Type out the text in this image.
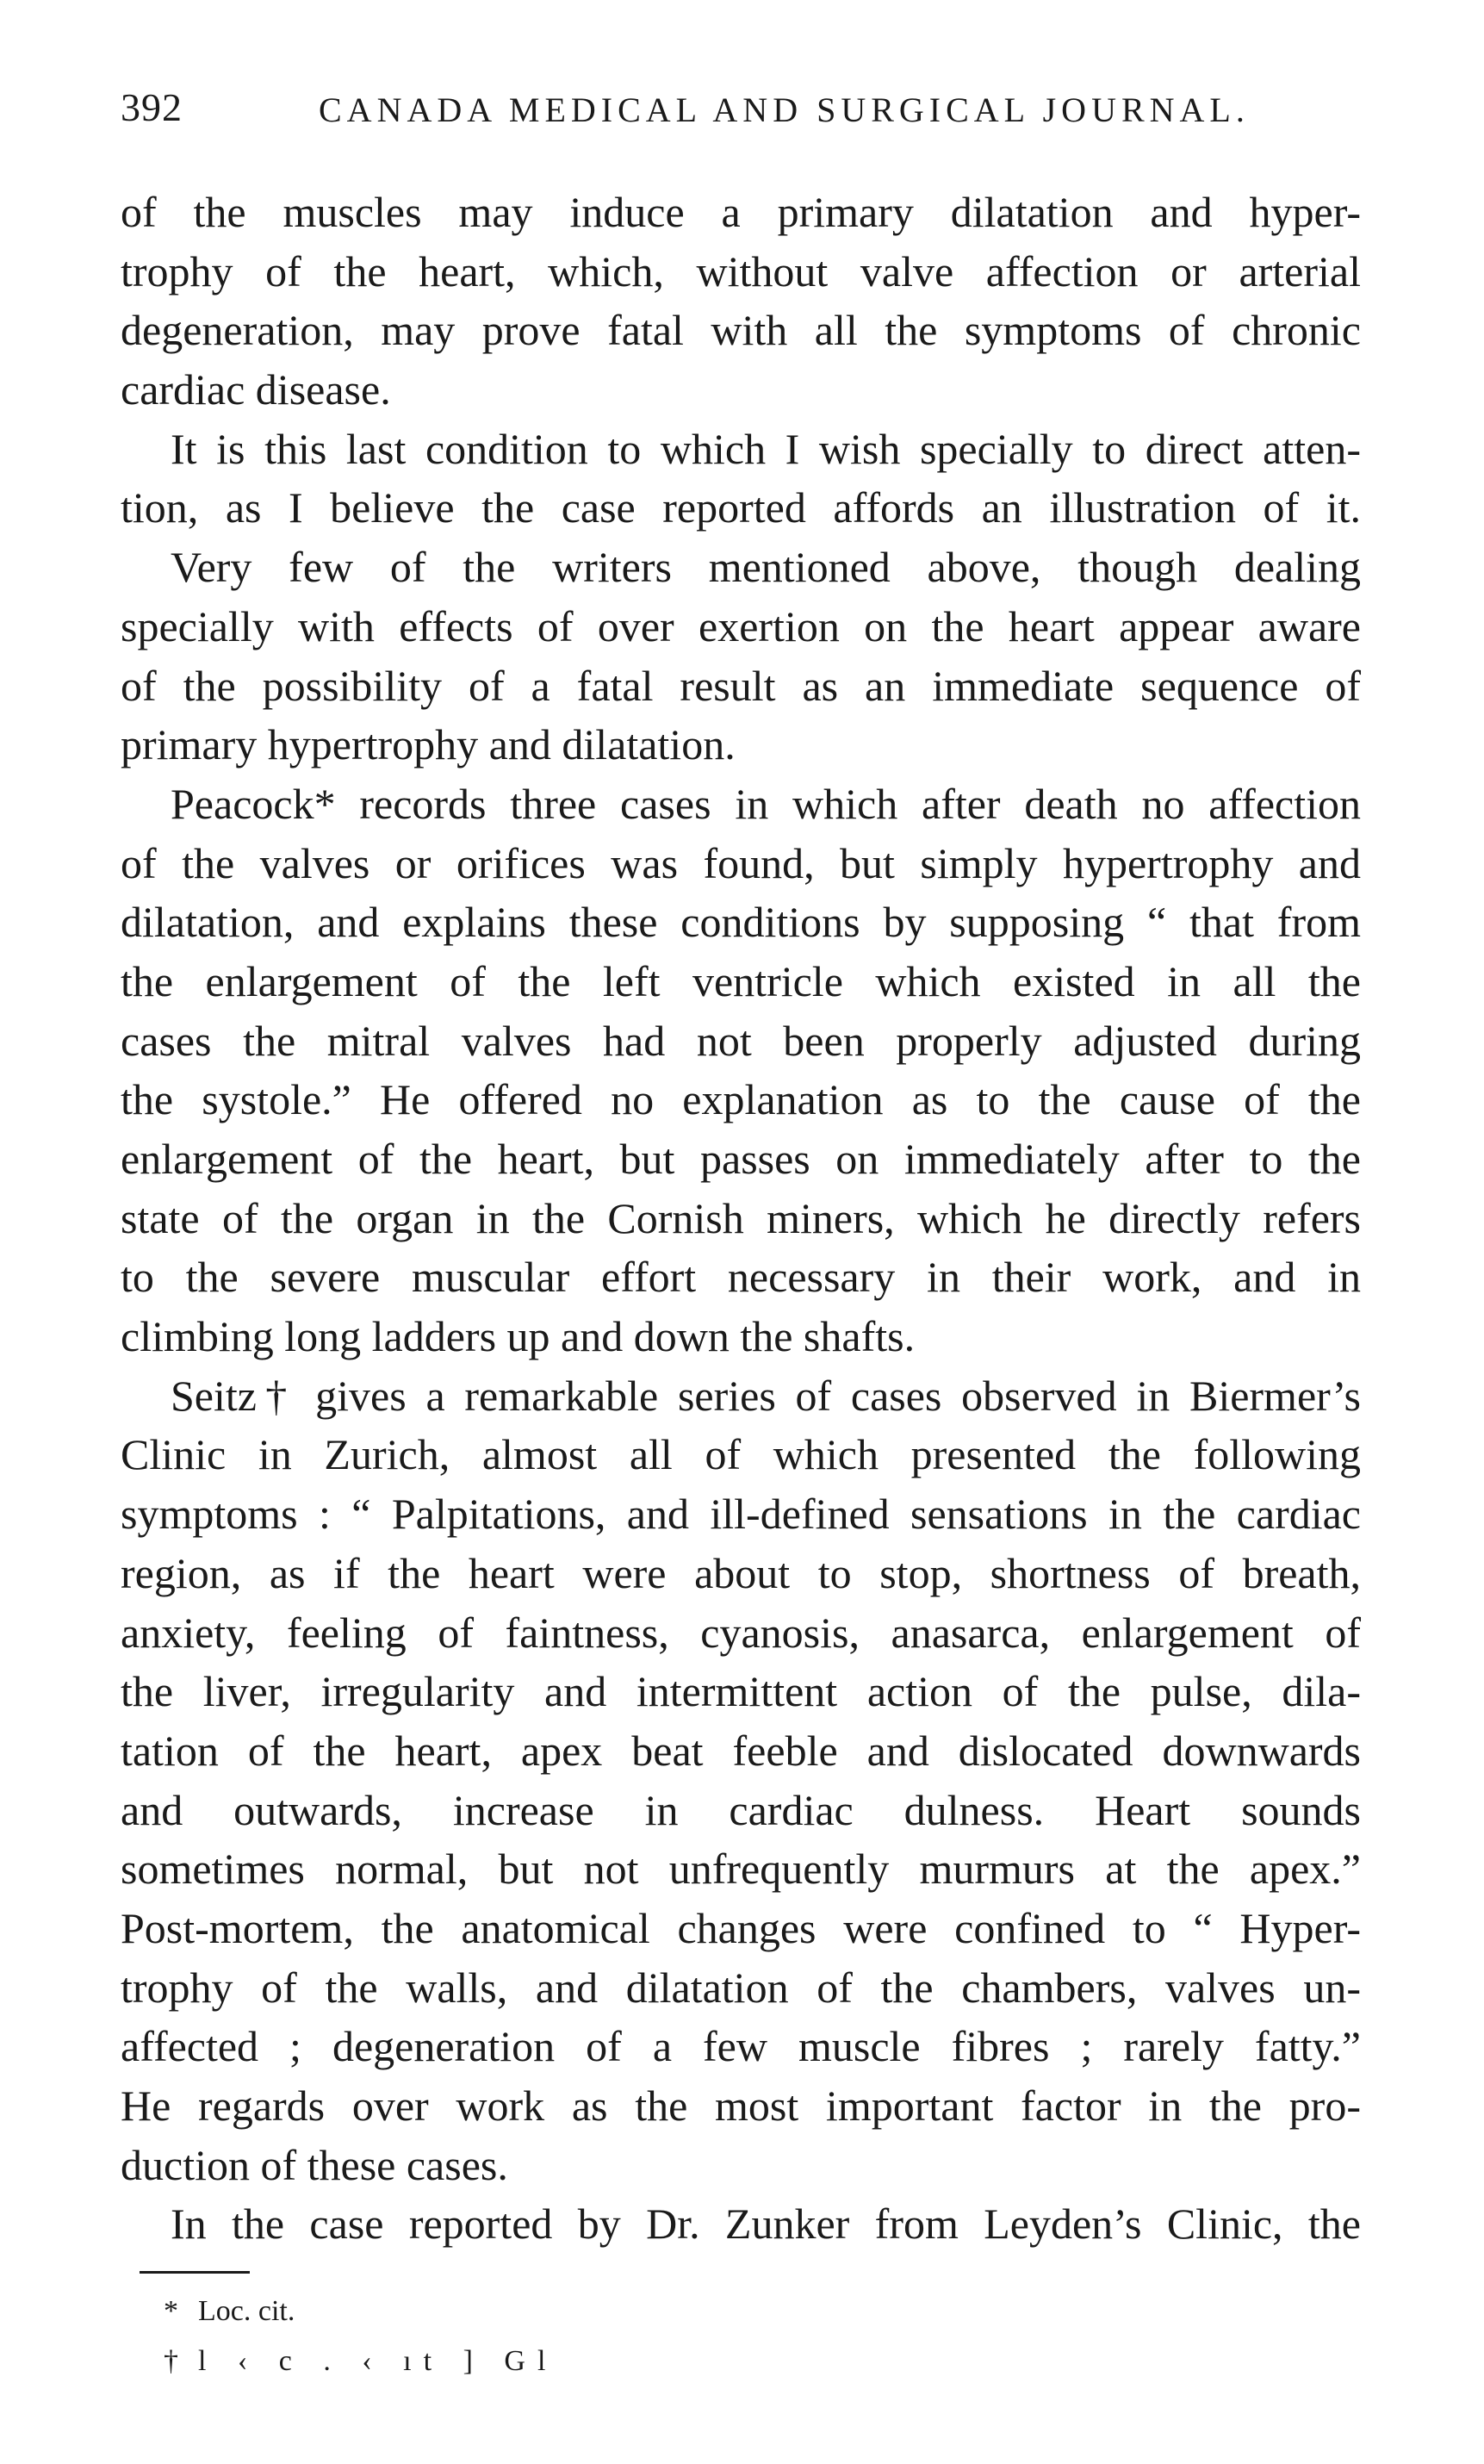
392	CANADA MEDICAL AND SURGICAL JOURNAL.
of the muscles may induce a primary dilatation and hyper-
trophy of the heart, which, without valve affection or arterial
degeneration, may prove fatal with all the symptoms of chronic
cardiac disease.
It is this last condition to which I wish specially to direct atten-
tion, as I believe the case reported affords an illustration of it.
Very few of the writers mentioned above, though dealing
specially with effects of over exertion on the heart appear aware
of the possibility of a fatal result as an immediate sequence of
primary hypertrophy and dilatation.
Peacock* records three cases in which after death no affection
of the valves or orifices was found, but simply hypertrophy and
dilatation, and explains these conditions by supposing “ that from
the enlargement of the left ventricle which existed in all the
cases the mitral valves had not been properly adjusted during
the systole.” He offered no explanation as to the cause of the
enlargement of the heart, but passes on immediately after to the
state of the organ in the Cornish miners, which he directly refers
to the severe muscular effort necessary in their work, and in
climbing long ladders up and down the shafts.
Seitz† gives a remarkable series of cases observed in Biermer’s
Clinic in Zurich, almost all of which presented the following
symptoms : “ Palpitations, and ill-defined sensations in the cardiac
region, as if the heart were about to stop, shortness of breath,
anxiety, feeling of faintness, cyanosis, anasarca, enlargement of
the liver, irregularity and intermittent action of the pulse, dila-
tation of the heart, apex beat feeble and dislocated downwards
and outwards, increase in cardiac dulness. Heart sounds
sometimes normal, but not unfrequently murmurs at the apex.”
Post-mortem, the anatomical changes were confined to “ Hyper-
trophy of the walls, and dilatation of the chambers, valves un-
affected ; degeneration of a few muscle fibres ; rarely fatty.”
He regards over work as the most important factor in the pro-
duction of these cases.
In the case reported by Dr. Zunker from Leyden’s Clinic, the
* Loc. cit.
† l ‹ c . ‹ ıt ] Gl
